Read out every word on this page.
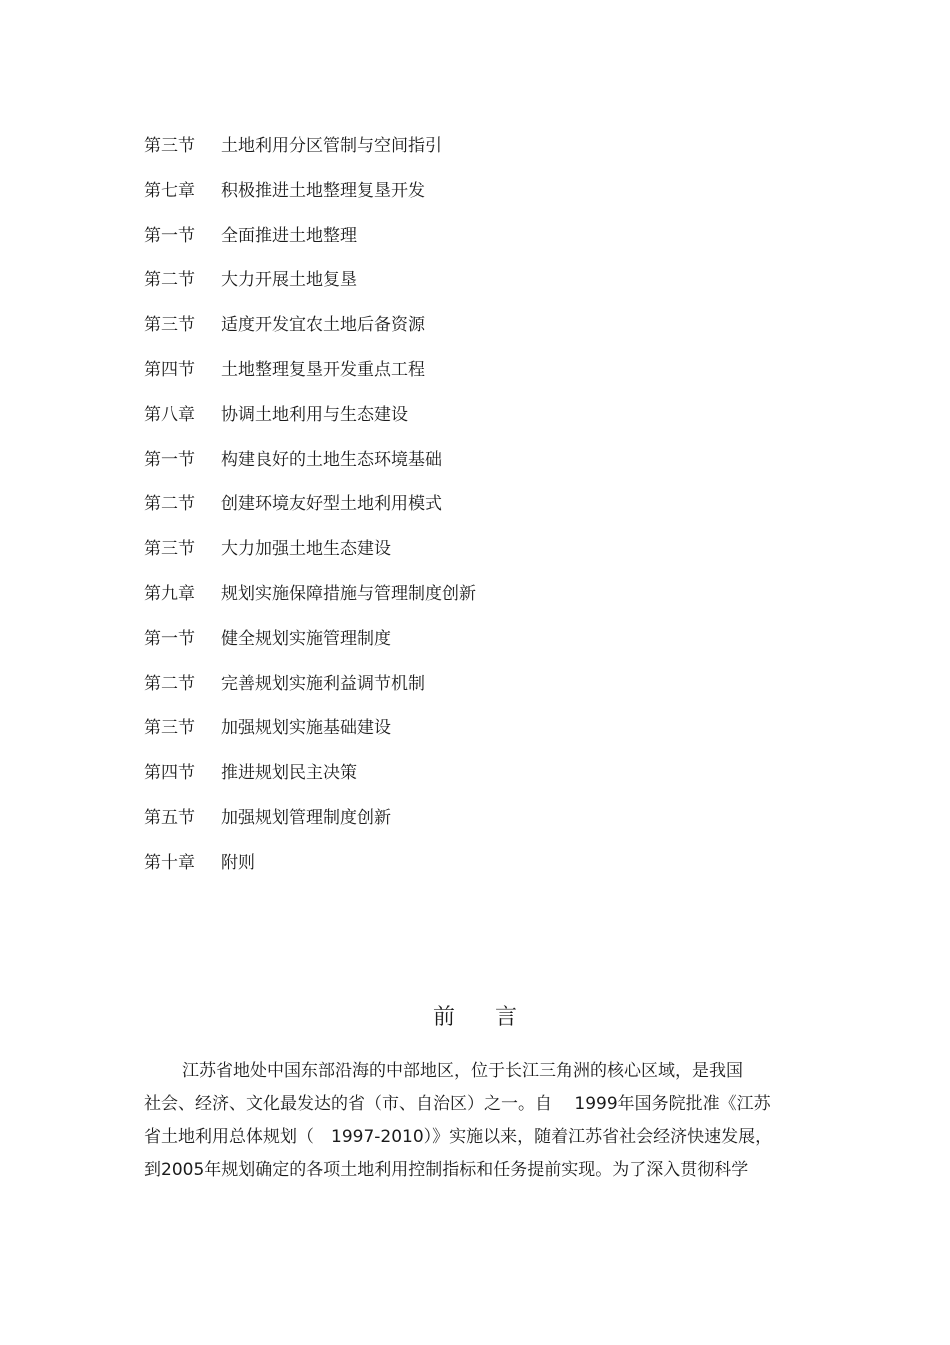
第三节 土地利用分区管制与空间指引
第七章 积极推进土地整理复垦开发
第一节 全面推进土地整理
第二节 大力开展土地复垦
第三节 适度开发宜农土地后备资源
第四节 土地整理复垦开发重点工程
第八章 协调土地利用与生态建设
第一节 构建良好的土地生态环境基础
第二节 创建环境友好型土地利用模式
第三节 大力加强土地生态建设
第九章 规划实施保障措施与管理制度创新
第一节 健全规划实施管理制度
第二节 完善规划实施利益调节机制
第三节 加强规划实施基础建设
第四节 推进规划民主决策
第五节 加强规划管理制度创新
第十章 附则
前言
江苏省地处中国东部沿海的中部地区，位于长江三角洲的核心区域，是我国
社会、经济、文化最发达的省（市、自治区）之一。自　 1999年国务院批准《江苏
省土地利用总体规划（　1997-2010）》实施以来，随着江苏省社会经济快速发展，
到2005年规划确定的各项土地利用控制指标和任务提前实现。为了深入贯彻科学
